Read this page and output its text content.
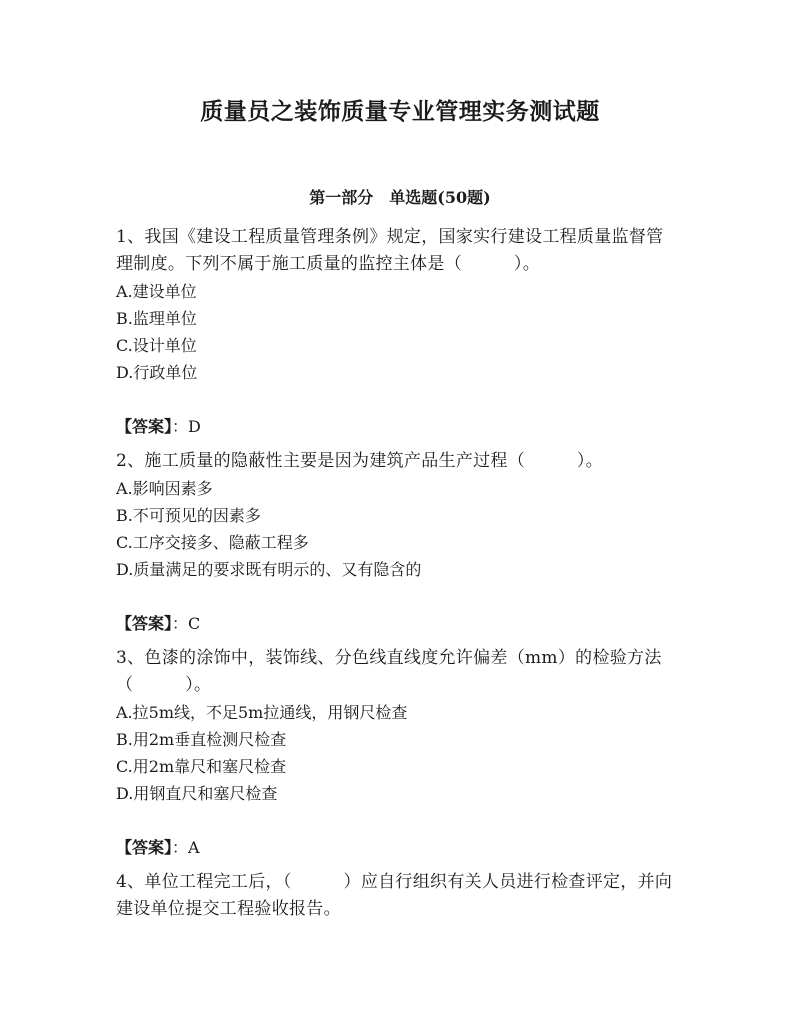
质量员之装饰质量专业管理实务测试题
第一部分　单选题(50题)

1、我国《建设工程质量管理条例》规定，国家实行建设工程质量监督管理制度。下列不属于施工质量的监控主体是（　　　）。

A.建设单位

B.监理单位

C.设计单位

D.行政单位

【答案】：D

2、施工质量的隐蔽性主要是因为建筑产品生产过程（　　　）。

A.影响因素多

B.不可预见的因素多

C.工序交接多、隐蔽工程多

D.质量满足的要求既有明示的、又有隐含的

【答案】：C

3、色漆的涂饰中，装饰线、分色线直线度允许偏差（mm）的检验方法（　　　）。

A.拉5m线，不足5m拉通线，用钢尺检查

B.用2m垂直检测尺检查

C.用2m靠尺和塞尺检查

D.用钢直尺和塞尺检查

【答案】：A

4、单位工程完工后，（　　　）应自行组织有关人员进行检查评定，并向建设单位提交工程验收报告。
